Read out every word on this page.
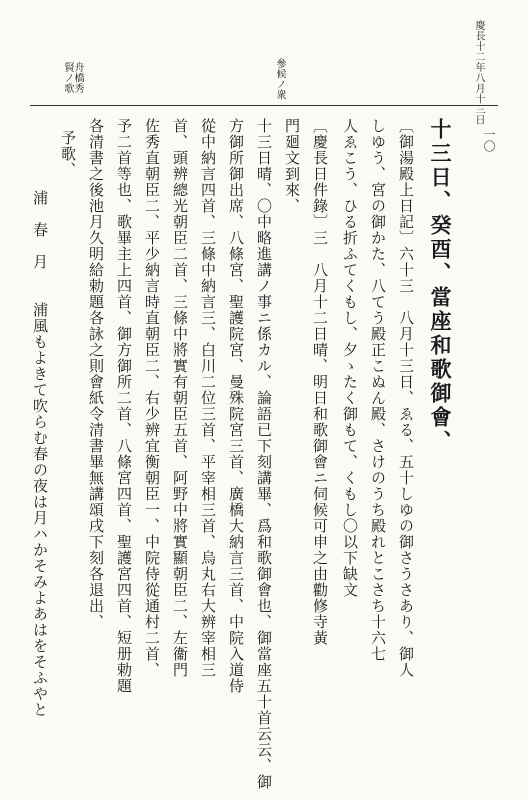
慶長十二年八月十三日
參候ノ衆
舟橋秀賢ノ歌
一〇
十三日、癸酉、當座和歌御會、
〔御湯殿上日記〕六十三　八月十三日、ゑる、五十しゆの御さうさあり、御人
しゆう、宮の御かた、八てう殿正こぬん殿、さけのうち殿れとこさち十六七
人ゑこう、ひる折ふてくもし、夕ゝたく御もて、くもし〇以下缺文
〔慶長日件錄〕三　八月十二日晴、明日和歌御會ニ伺候可申之由勸修寺黃
門廻文到來、
十三日晴、〇中略進講ノ事ニ係カル、論語已下刻講畢、爲和歌御會也、御當座五十首云云、御
方御所御出席、八條宮、聖護院宮、曼殊院宮三首、廣橋大納言三首、中院入道侍
從中納言四首、三條中納言三、白川二位三首、平宰相三首、烏丸右大辨宰相三
首、頭辨總光朝臣二首、三條中將實有朝臣五首、阿野中將實顯朝臣二、左衞門
佐秀直朝臣二、平少納言時直朝臣二、右少辨宜衡朝臣一、中院侍從通村二首、
予二首等也、歌畢主上四首、御方御所二首、八條宮四首、聖護宮四首、短册勅題
各清書之後池月久明給勅題各詠之則會紙令清書畢無講頌戌下刻各退出、
予歌、
浦　春　月　　浦風もよきて吹らむ春の夜は月ハかそみよあはをそふやと
